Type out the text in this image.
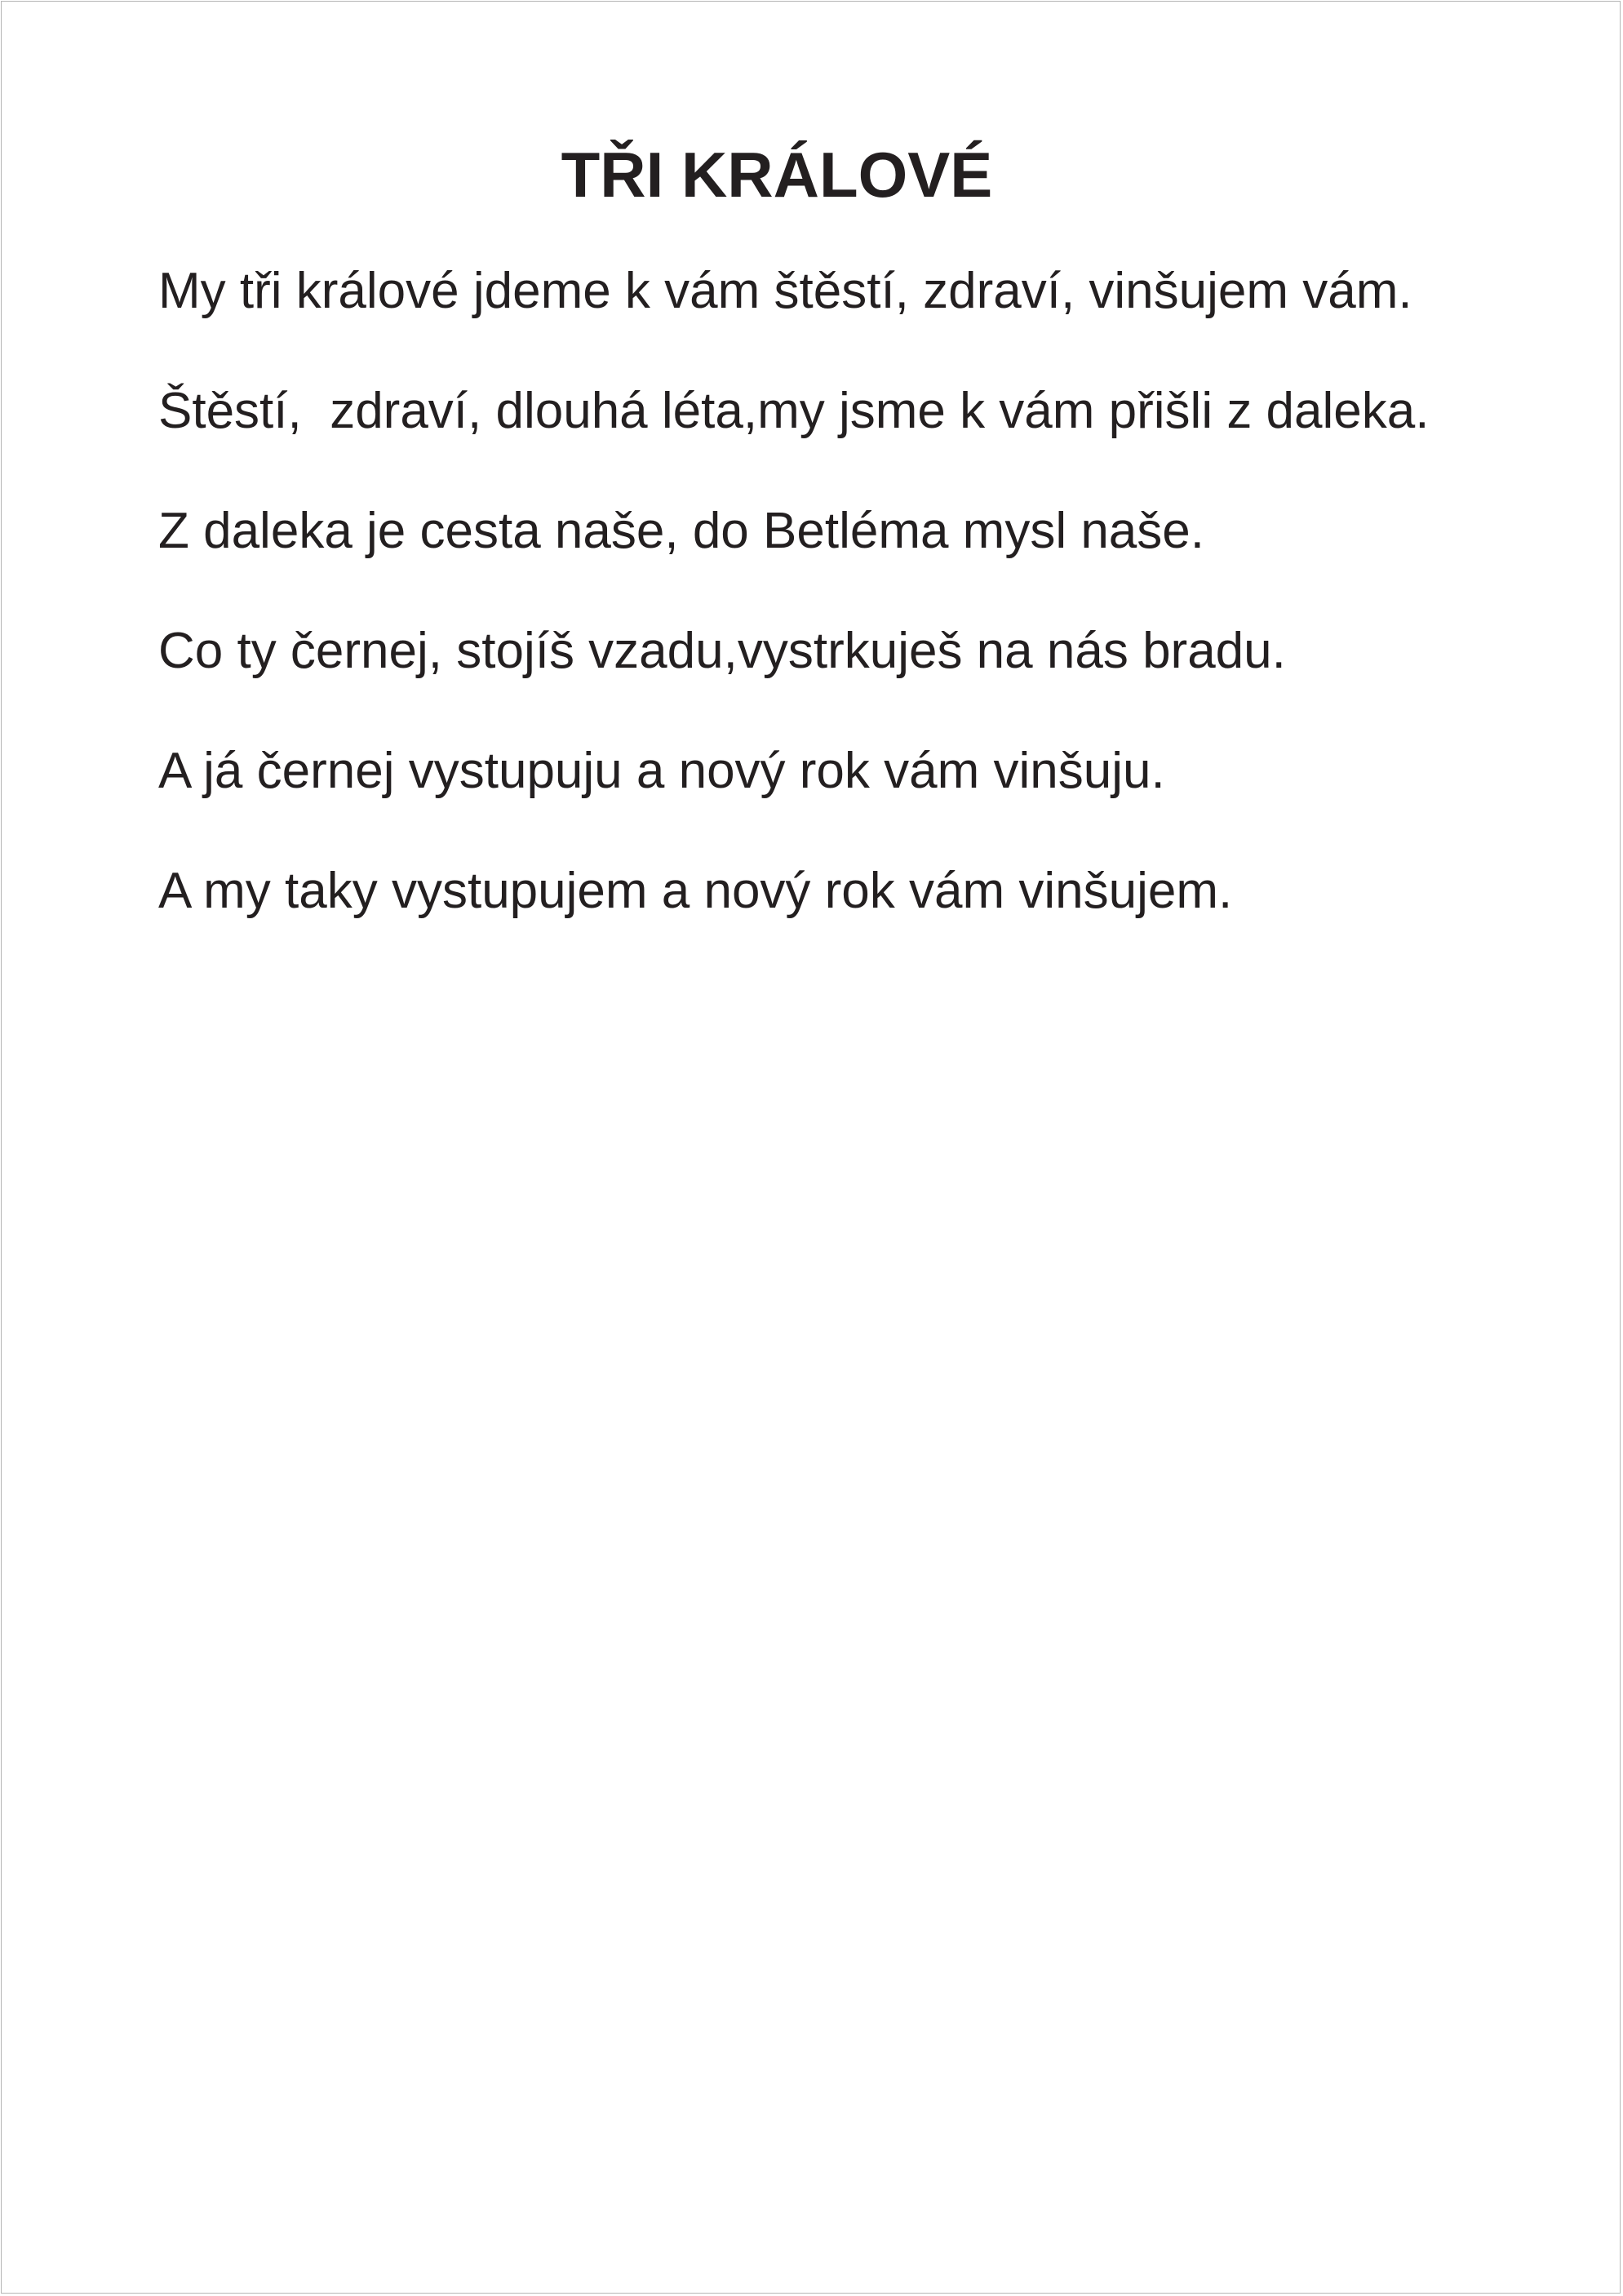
TŘI KRÁLOVÉ
My tři králové jdeme k vám štěstí, zdraví, vinšujem vám.
Štěstí,  zdraví, dlouhá léta,my jsme k vám přišli z daleka.
Z daleka je cesta naše, do Betléma mysl naše.
Co ty černej, stojíš vzadu,vystrkuješ na nás bradu.
A já černej vystupuju a nový rok vám vinšuju.
A my taky vystupujem a nový rok vám vinšujem.
